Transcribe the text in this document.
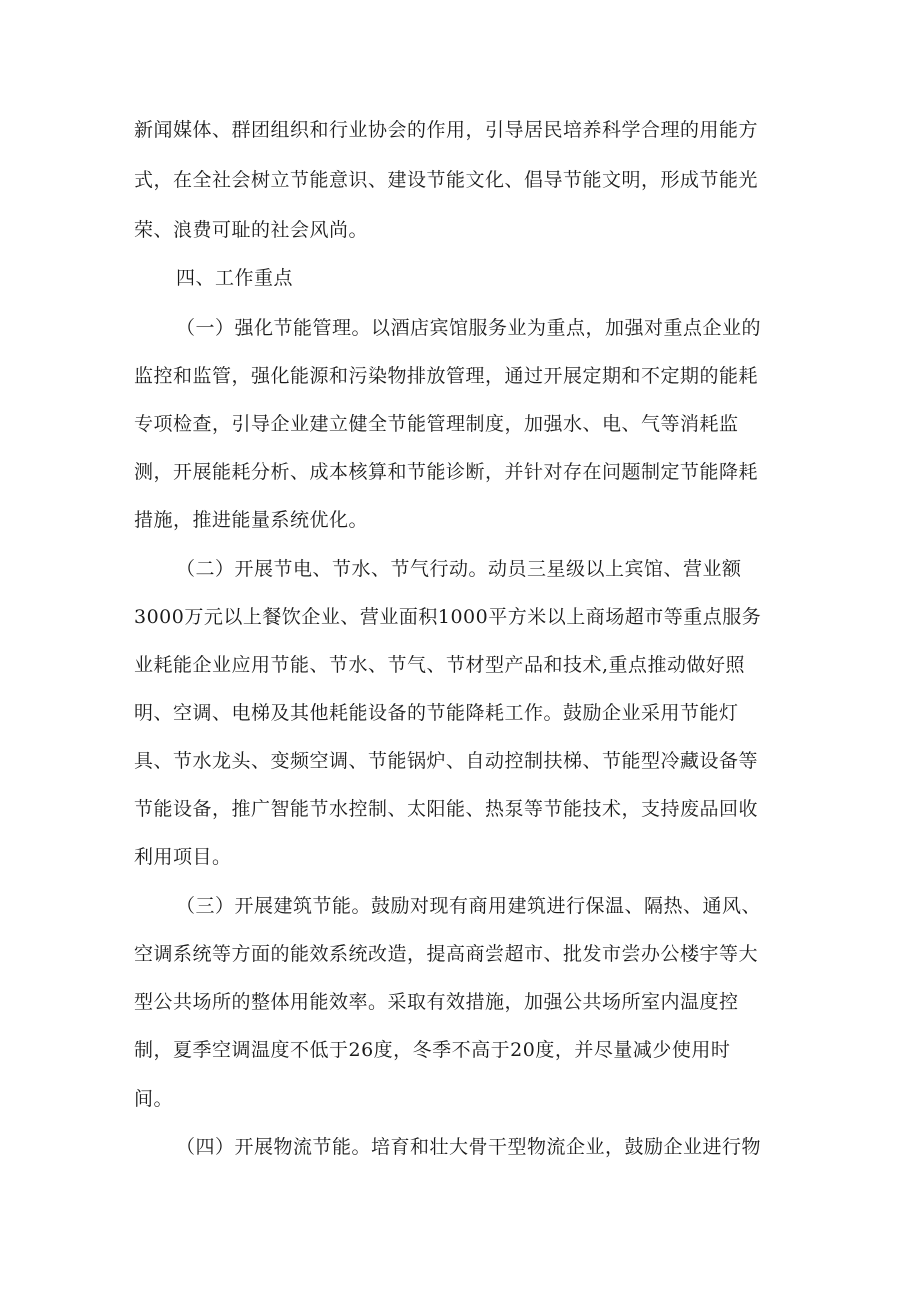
新闻媒体、群团组织和行业协会的作用，引导居民培养科学合理的用能方
式，在全社会树立节能意识、建设节能文化、倡导节能文明，形成节能光
荣、浪费可耻的社会风尚。
四、工作重点
（一）强化节能管理。以酒店宾馆服务业为重点，加强对重点企业的
监控和监管，强化能源和污染物排放管理，通过开展定期和不定期的能耗
专项检查，引导企业建立健全节能管理制度，加强水、电、气等消耗监
测，开展能耗分析、成本核算和节能诊断，并针对存在问题制定节能降耗
措施，推进能量系统优化。
（二）开展节电、节水、节气行动。动员三星级以上宾馆、营业额
3000万元以上餐饮企业、营业面积1000平方米以上商场超市等重点服务
业耗能企业应用节能、节水、节气、节材型产品和技术,重点推动做好照
明、空调、电梯及其他耗能设备的节能降耗工作。鼓励企业采用节能灯
具、节水龙头、变频空调、节能锅炉、自动控制扶梯、节能型冷藏设备等
节能设备，推广智能节水控制、太阳能、热泵等节能技术，支持废品回收
利用项目。
（三）开展建筑节能。鼓励对现有商用建筑进行保温、隔热、通风、
空调系统等方面的能效系统改造，提高商尝超市、批发市尝办公楼宇等大
型公共场所的整体用能效率。采取有效措施，加强公共场所室内温度控
制，夏季空调温度不低于26度，冬季不高于20度，并尽量减少使用时
间。
（四）开展物流节能。培育和壮大骨干型物流企业，鼓励企业进行物
